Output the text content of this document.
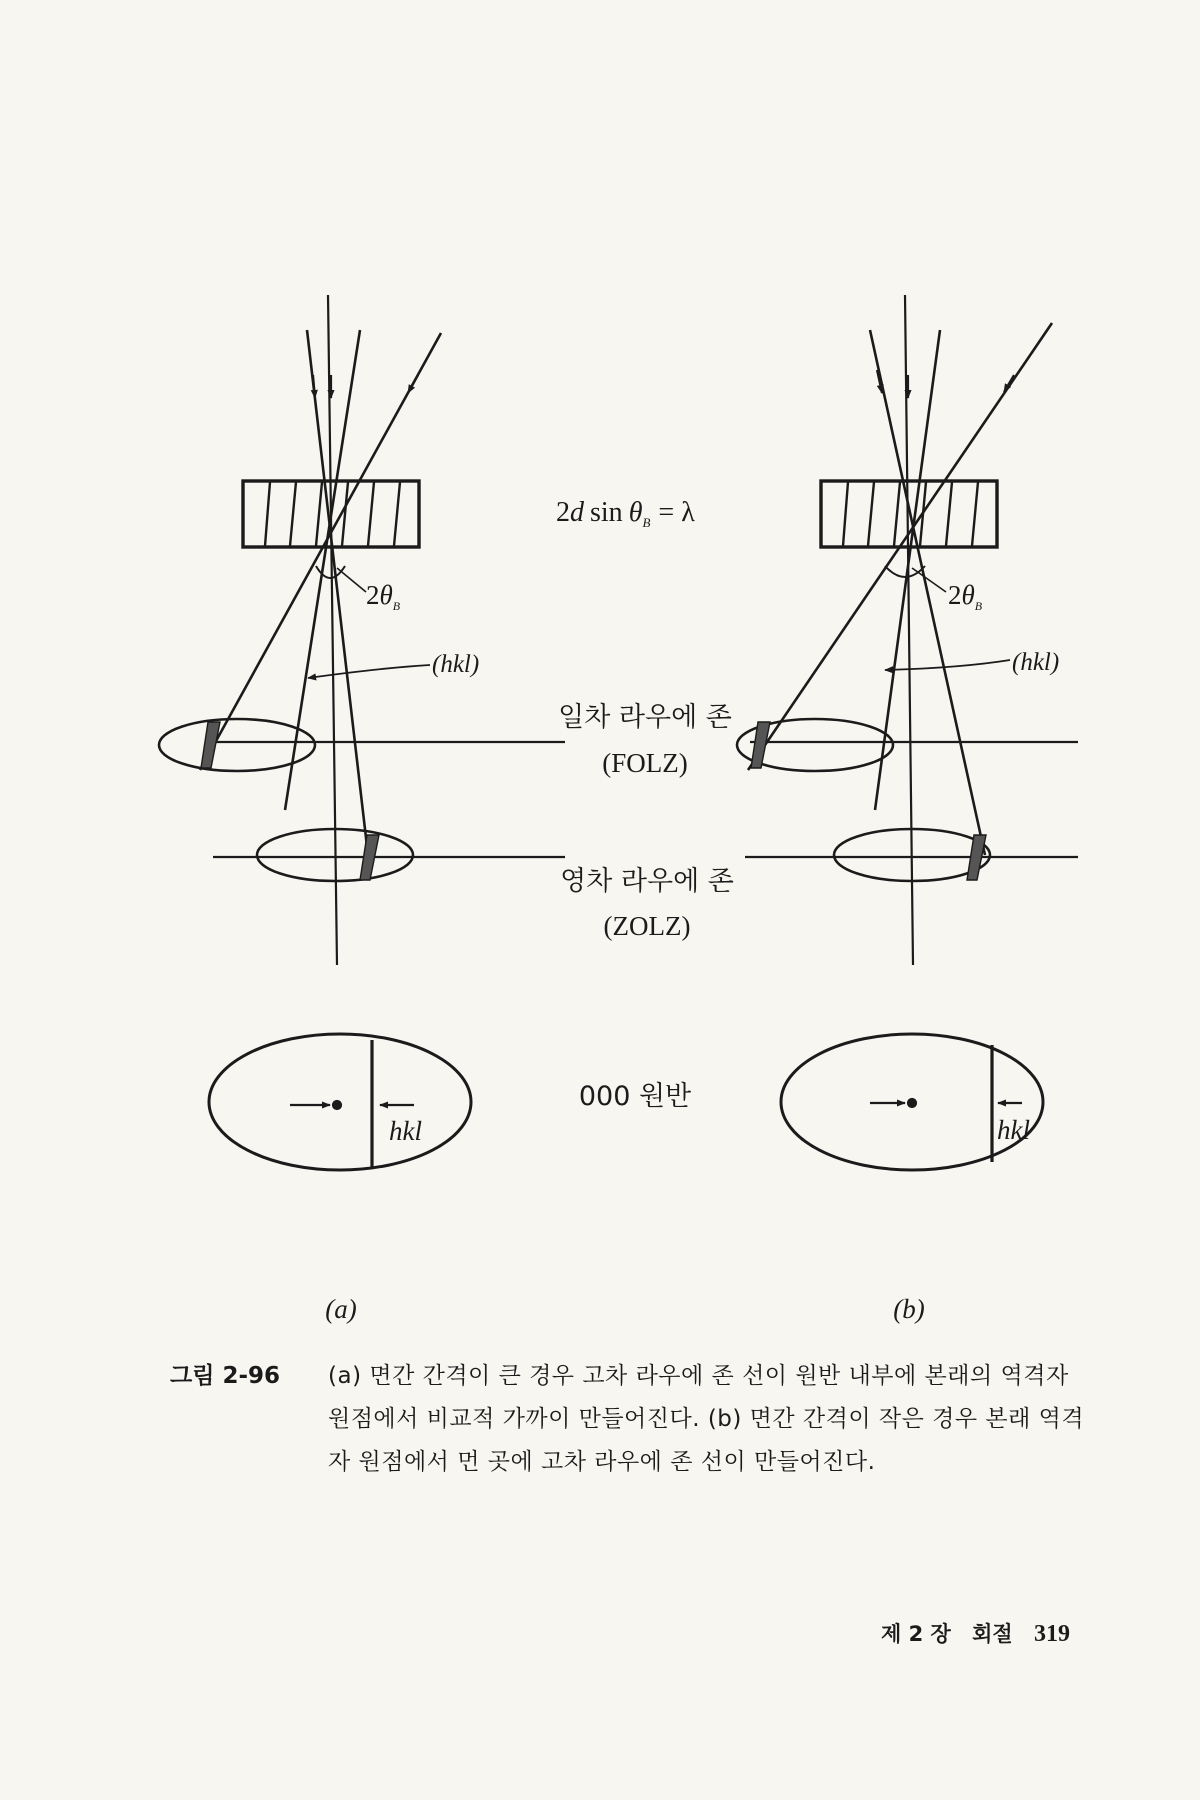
2d $\sin \theta_B = \lambda$
$2\theta_B$	$2\theta_B$
(hkl)	(hkl)
일차 라우에 존
(FOLZ)
영차 라우에 존
(ZOLZ)
000 원반
hkl	hkl
(a)	(b)
그림 2-96 (a) 면간 간격이 큰 경우 고차 라우에 존 선이 원반 내부에 본래의 역격자 원점에서 비교적 가까이 만들어진다. (b) 면간 간격이 작은 경우 본래 역격자 원점에서 먼 곳에 고차 라우에 존 선이 만들어진다.
제 2 장 회절 319
